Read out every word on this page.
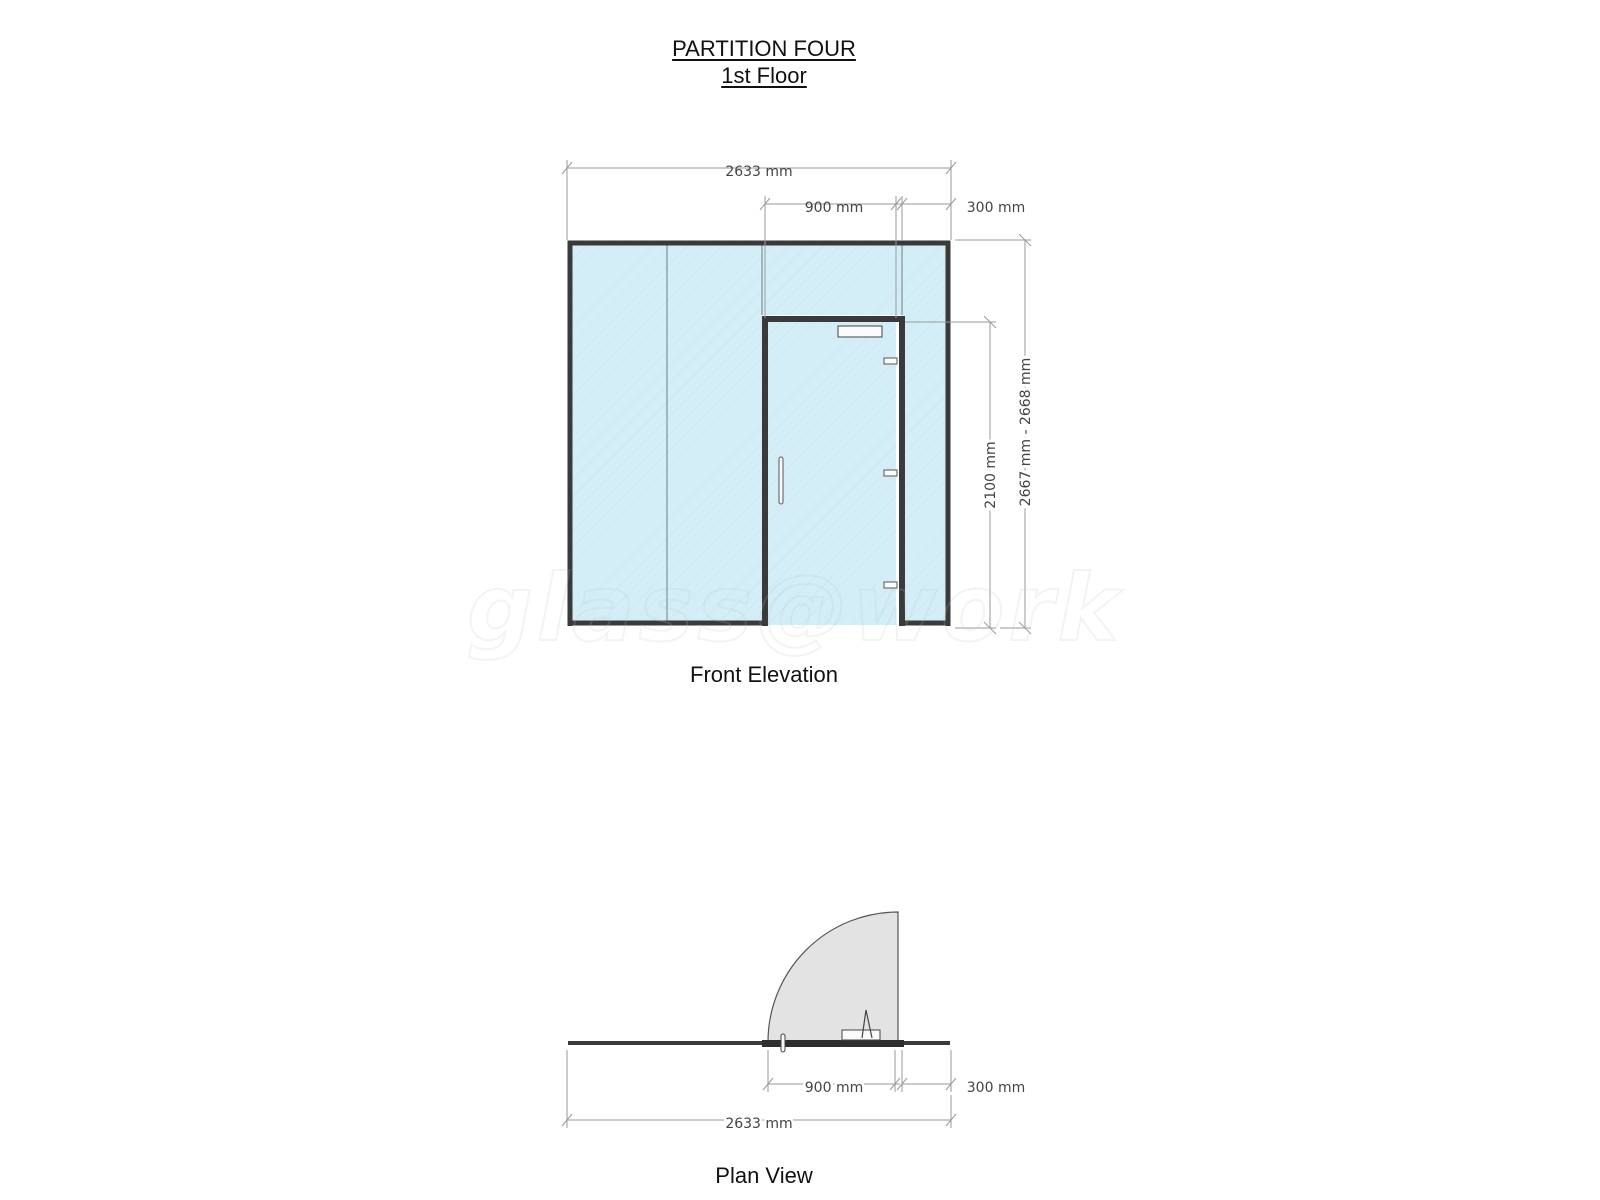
PARTITION FOUR
1st Floor
2633 mm
900 mm	300 mm
2100 mm 2667 mm - 2668 mm
glass@work
900 mm	300 mm
2633 mm
Front Elevation
Plan View
